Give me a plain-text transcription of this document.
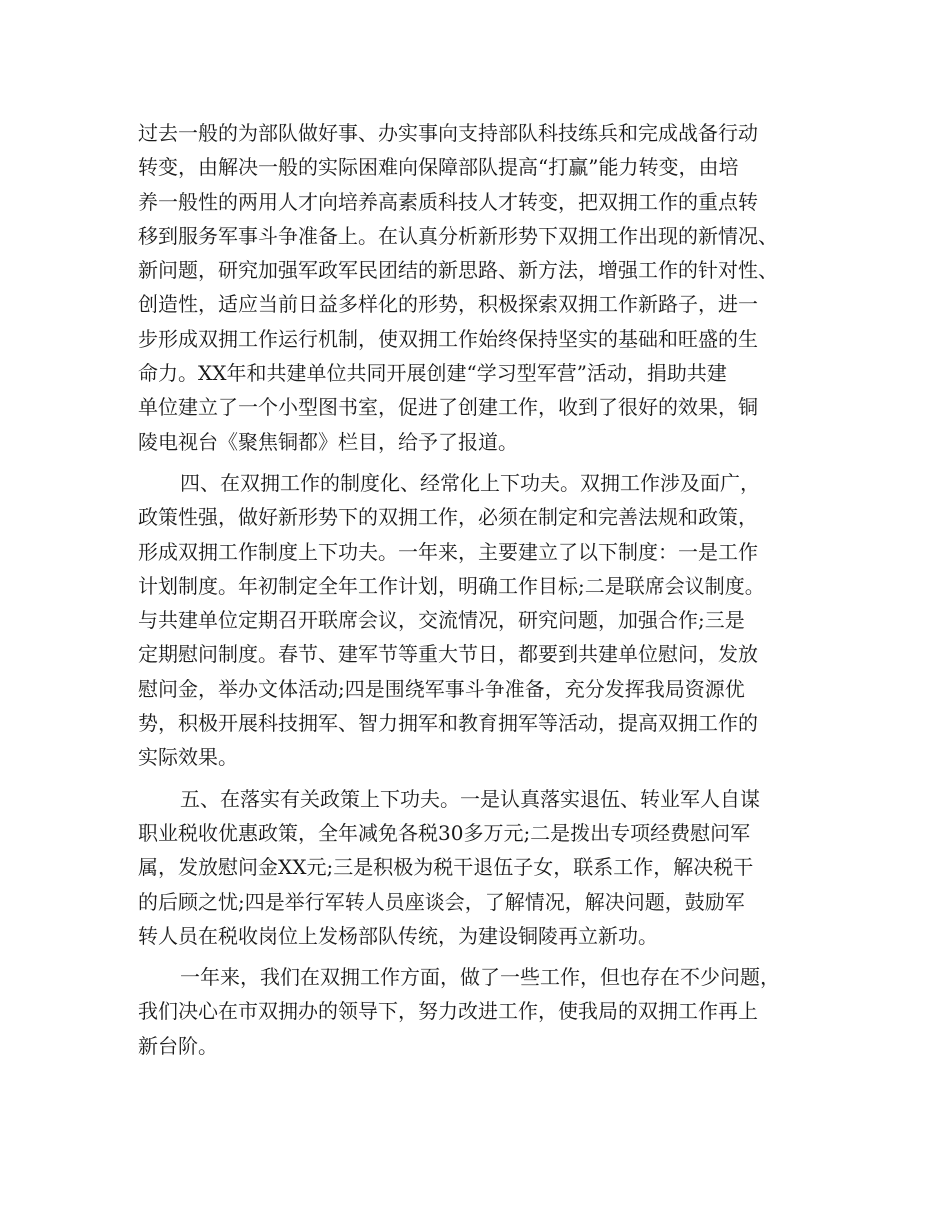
过去一般的为部队做好事、办实事向支持部队科技练兵和完成战备行动
转变，由解决一般的实际困难向保障部队提高“打赢”能力转变，由培
养一般性的两用人才向培养高素质科技人才转变，把双拥工作的重点转
移到服务军事斗争准备上。在认真分析新形势下双拥工作出现的新情况、
新问题，研究加强军政军民团结的新思路、新方法，增强工作的针对性、
创造性，适应当前日益多样化的形势，积极探索双拥工作新路子，进一
步形成双拥工作运行机制，使双拥工作始终保持坚实的基础和旺盛的生
命力。XX年和共建单位共同开展创建“学习型军营”活动，捐助共建
单位建立了一个小型图书室，促进了创建工作，收到了很好的效果，铜
陵电视台《聚焦铜都》栏目，给予了报道。

四、在双拥工作的制度化、经常化上下功夫。双拥工作涉及面广，
政策性强，做好新形势下的双拥工作，必须在制定和完善法规和政策，
形成双拥工作制度上下功夫。一年来，主要建立了以下制度：一是工作
计划制度。年初制定全年工作计划，明确工作目标;二是联席会议制度。
与共建单位定期召开联席会议，交流情况，研究问题，加强合作;三是
定期慰问制度。春节、建军节等重大节日，都要到共建单位慰问，发放
慰问金，举办文体活动;四是围绕军事斗争准备，充分发挥我局资源优
势，积极开展科技拥军、智力拥军和教育拥军等活动，提高双拥工作的
实际效果。

五、在落实有关政策上下功夫。一是认真落实退伍、转业军人自谋
职业税收优惠政策，全年减免各税30多万元;二是拨出专项经费慰问军
属，发放慰问金XX元;三是积极为税干退伍子女，联系工作，解决税干
的后顾之忧;四是举行军转人员座谈会，了解情况，解决问题，鼓励军
转人员在税收岗位上发杨部队传统，为建设铜陵再立新功。

一年来，我们在双拥工作方面，做了一些工作，但也存在不少问题，
我们决心在市双拥办的领导下，努力改进工作，使我局的双拥工作再上
新台阶。
